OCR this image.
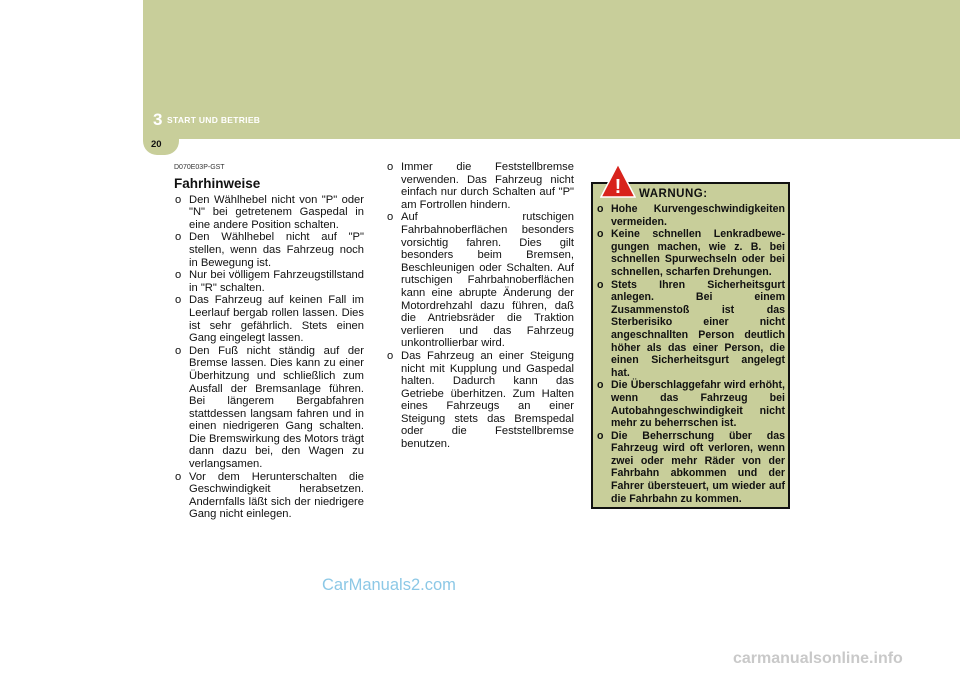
3 START UND BETRIEB
20
D070E03P-GST
Fahrhinweise
o Den Wählhebel nicht von "P" oder "N" bei getretenem Gaspedal in eine andere Position schalten.
o Den Wählhebel nicht auf "P" stellen, wenn das Fahrzeug noch in Bewegung ist.
o Nur bei völligem Fahrzeugstillstand in "R" schalten.
o Das Fahrzeug auf keinen Fall im Leerlauf bergab rollen lassen. Dies ist sehr gefährlich. Stets einen Gang eingelegt lassen.
o Den Fuß nicht ständig auf der Bremse lassen. Dies kann zu einer Überhitzung und schließlich zum Ausfall der Bremsanlage führen. Bei längerem Bergabfahren stattdessen langsam fahren und in einen niedrigeren Gang schalten. Die Bremswirkung des Motors trägt dann dazu bei, den Wagen zu verlangsamen.
o Vor dem Herunterschalten die Geschwindigkeit herabsetzen. Andernfalls läßt sich der niedrigere Gang nicht einlegen.
o Immer die Feststellbremse verwenden. Das Fahrzeug nicht einfach nur durch Schalten auf "P" am Fortrollen hindern.
o Auf rutschigen Fahrbahnoberflächen besonders vorsichtig fahren. Dies gilt besonders beim Bremsen, Beschleunigen oder Schalten. Auf rutschigen Fahrbahnoberflächen kann eine abrupte Änderung der Motordrehzahl dazu führen, daß die Antriebsräder die Traktion verlieren und das Fahrzeug unkontrollierbar wird.
o Das Fahrzeug an einer Steigung nicht mit Kupplung und Gaspedal halten. Dadurch kann das Getriebe überhitzen. Zum Halten eines Fahrzeugs an einer Steigung stets das Bremspedal oder die Feststellbremse benutzen.
! WARNUNG:
o Hohe Kurvengeschwindigkeiten vermeiden.
o Keine schnellen Lenkradbewe-gungen machen, wie z. B. bei schnellen Spurwechseln oder bei schnellen, scharfen Drehungen.
o Stets Ihren Sicherheitsgurt anlegen. Bei einem Zusammenstoß ist das Sterberisiko einer nicht angeschnallten Person deutlich höher als das einer Person, die einen Sicherheitsgurt angelegt hat.
o Die Überschlaggefahr wird erhöht, wenn das Fahrzeug bei Autobahngeschwindigkeit nicht mehr zu beherrschen ist.
o Die Beherrschung über das Fahrzeug wird oft verloren, wenn zwei oder mehr Räder von der Fahrbahn abkommen und der Fahrer übersteuert, um wieder auf die Fahrbahn zu kommen.
CarManuals2.com
carmanualsonline.info
